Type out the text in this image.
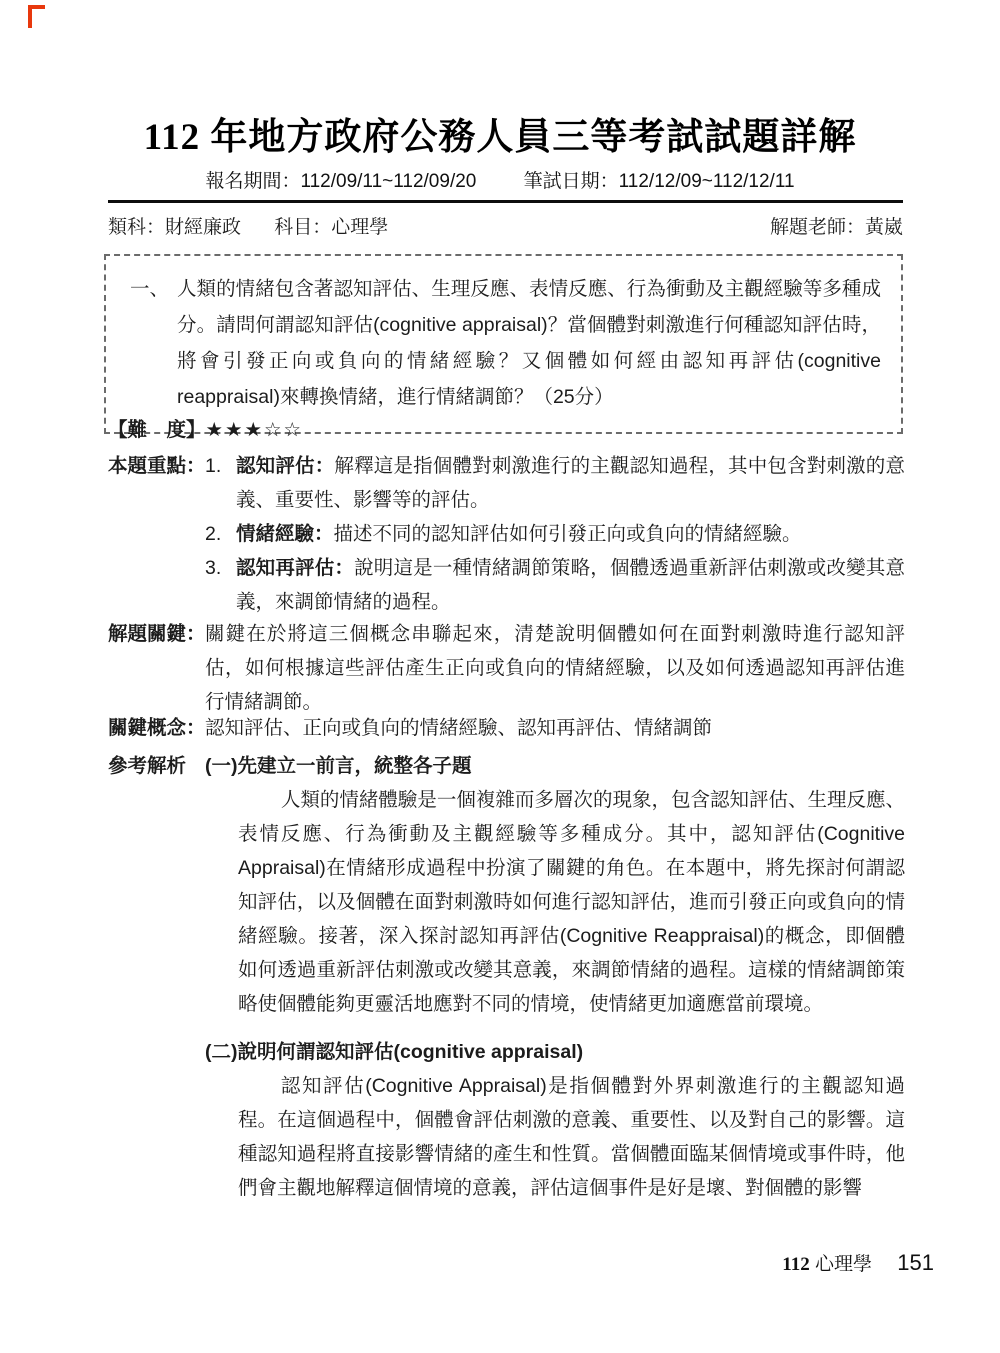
112 年地方政府公務人員三等考試試題詳解
報名期間：112/09/11~112/09/20 筆試日期：112/12/09~112/12/11
類科：財經廉政 科目：心理學	解題老師：黃崴
一、 人類的情緒包含著認知評估、生理反應、表情反應、行為衝動及主觀經驗等多種成分。請問何謂認知評估(cognitive appraisal)？當個體對刺激進行何種認知評估時，將會引發正向或負向的情緒經驗？又個體如何經由認知再評估(cognitive reappraisal)來轉換情緒，進行情緒調節？（25分）
【難　度】★★★☆☆
本題重點： 1. 認知評估：解釋這是指個體對刺激進行的主觀認知過程，其中包含對刺激的意義、重要性、影響等的評估。
2. 情緒經驗：描述不同的認知評估如何引發正向或負向的情緒經驗。
3. 認知再評估：說明這是一種情緒調節策略，個體透過重新評估刺激或改變其意義，來調節情緒的過程。
解題關鍵： 關鍵在於將這三個概念串聯起來，清楚說明個體如何在面對刺激時進行認知評估，如何根據這些評估產生正向或負向的情緒經驗，以及如何透過認知再評估進行情緒調節。
關鍵概念： 認知評估、正向或負向的情緒經驗、認知再評估、情緒調節
參考解析 (一)先建立一前言，統整各子題
人類的情緒體驗是一個複雜而多層次的現象，包含認知評估、生理反應、表情反應、行為衝動及主觀經驗等多種成分。其中，認知評估(Cognitive Appraisal)在情緒形成過程中扮演了關鍵的角色。在本題中，將先探討何謂認知評估，以及個體在面對刺激時如何進行認知評估，進而引發正向或負向的情緒經驗。接著，深入探討認知再評估(Cognitive Reappraisal)的概念，即個體如何透過重新評估刺激或改變其意義，來調節情緒的過程。這樣的情緒調節策略使個體能夠更靈活地應對不同的情境，使情緒更加適應當前環境。
(二)說明何謂認知評估(cognitive appraisal)
認知評估(Cognitive Appraisal)是指個體對外界刺激進行的主觀認知過程。在這個過程中，個體會評估刺激的意義、重要性、以及對自己的影響。這種認知過程將直接影響情緒的產生和性質。當個體面臨某個情境或事件時，他們會主觀地解釋這個情境的意義，評估這個事件是好是壞、對個體的影響
112 心理學 151
